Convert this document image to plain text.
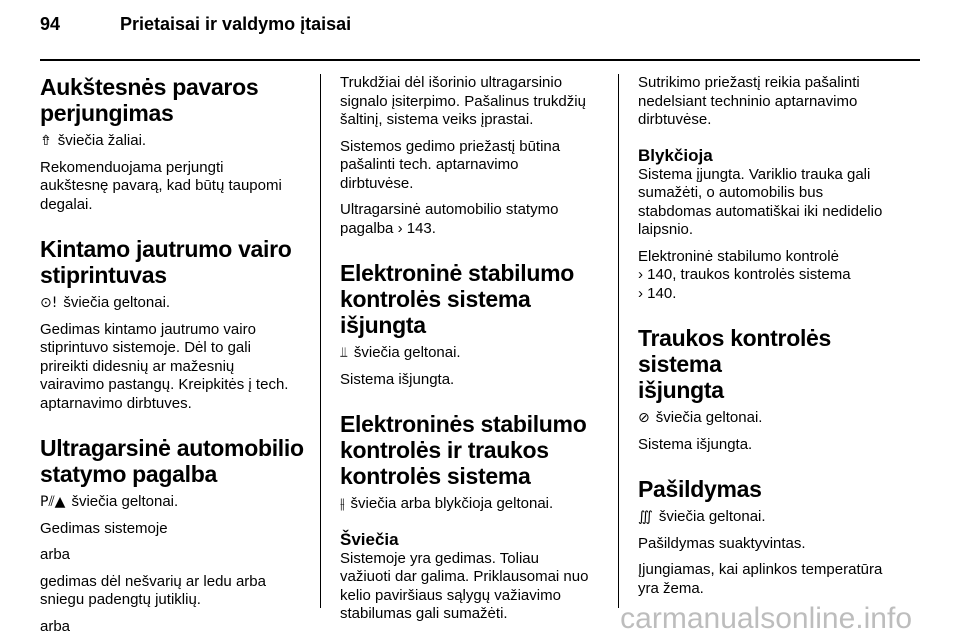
94	Prietaisai ir valdymo įtaisai
Aukštesnės pavaros
perjungimas

⇮ šviečia žaliai.

Rekomenduojama perjungti
aukštesnę pavarą, kad būtų taupomi
degalai.

Kintamo jautrumo vairo
stiprintuvas

⊙! šviečia geltonai.

Gedimas kintamo jautrumo vairo
stiprintuvo sistemoje. Dėl to gali
prireikti didesnių ar mažesnių
vairavimo pastangų. Kreipkitės į tech.
aptarnavimo dirbtuves.

Ultragarsinė automobilio
statymo pagalba

P⫽▲ šviečia geltonai.

Gedimas sistemoje

arba

gedimas dėl nešvarių ar ledu arba
sniegu padengtų jutiklių.

arba

Trukdžiai dėl išorinio ultragarsinio
signalo įsiterpimo. Pašalinus trukdžių
šaltinį, sistema veiks įprastai.

Sistemos gedimo priežastį būtina
pašalinti tech. aptarnavimo
dirbtuvėse.

Ultragarsinė automobilio statymo
pagalba › 143.

Elektroninė stabilumo
kontrolės sistema išjungta

⫫ šviečia geltonai.

Sistema išjungta.

Elektroninės stabilumo
kontrolės ir traukos
kontrolės sistema

⫲ šviečia arba blykčioja geltonai.

Šviečia

Sistemoje yra gedimas. Toliau
važiuoti dar galima. Priklausomai nuo
kelio paviršiaus sąlygų važiavimo
stabilumas gali sumažėti.

Sutrikimo priežastį reikia pašalinti
nedelsiant techninio aptarnavimo
dirbtuvėse.

Blykčioja

Sistema įjungta. Variklio trauka gali
sumažėti, o automobilis bus
stabdomas automatiškai iki nedidelio
laipsnio.

Elektroninė stabilumo kontrolė
› 140, traukos kontrolės sistema
› 140.

Traukos kontrolės sistema
išjungta

⊘ šviečia geltonai.

Sistema išjungta.

Pašildymas

∭ šviečia geltonai.

Pašildymas suaktyvintas.

Įjungiamas, kai aplinkos temperatūra
yra žema.

carmanualsonline.info
